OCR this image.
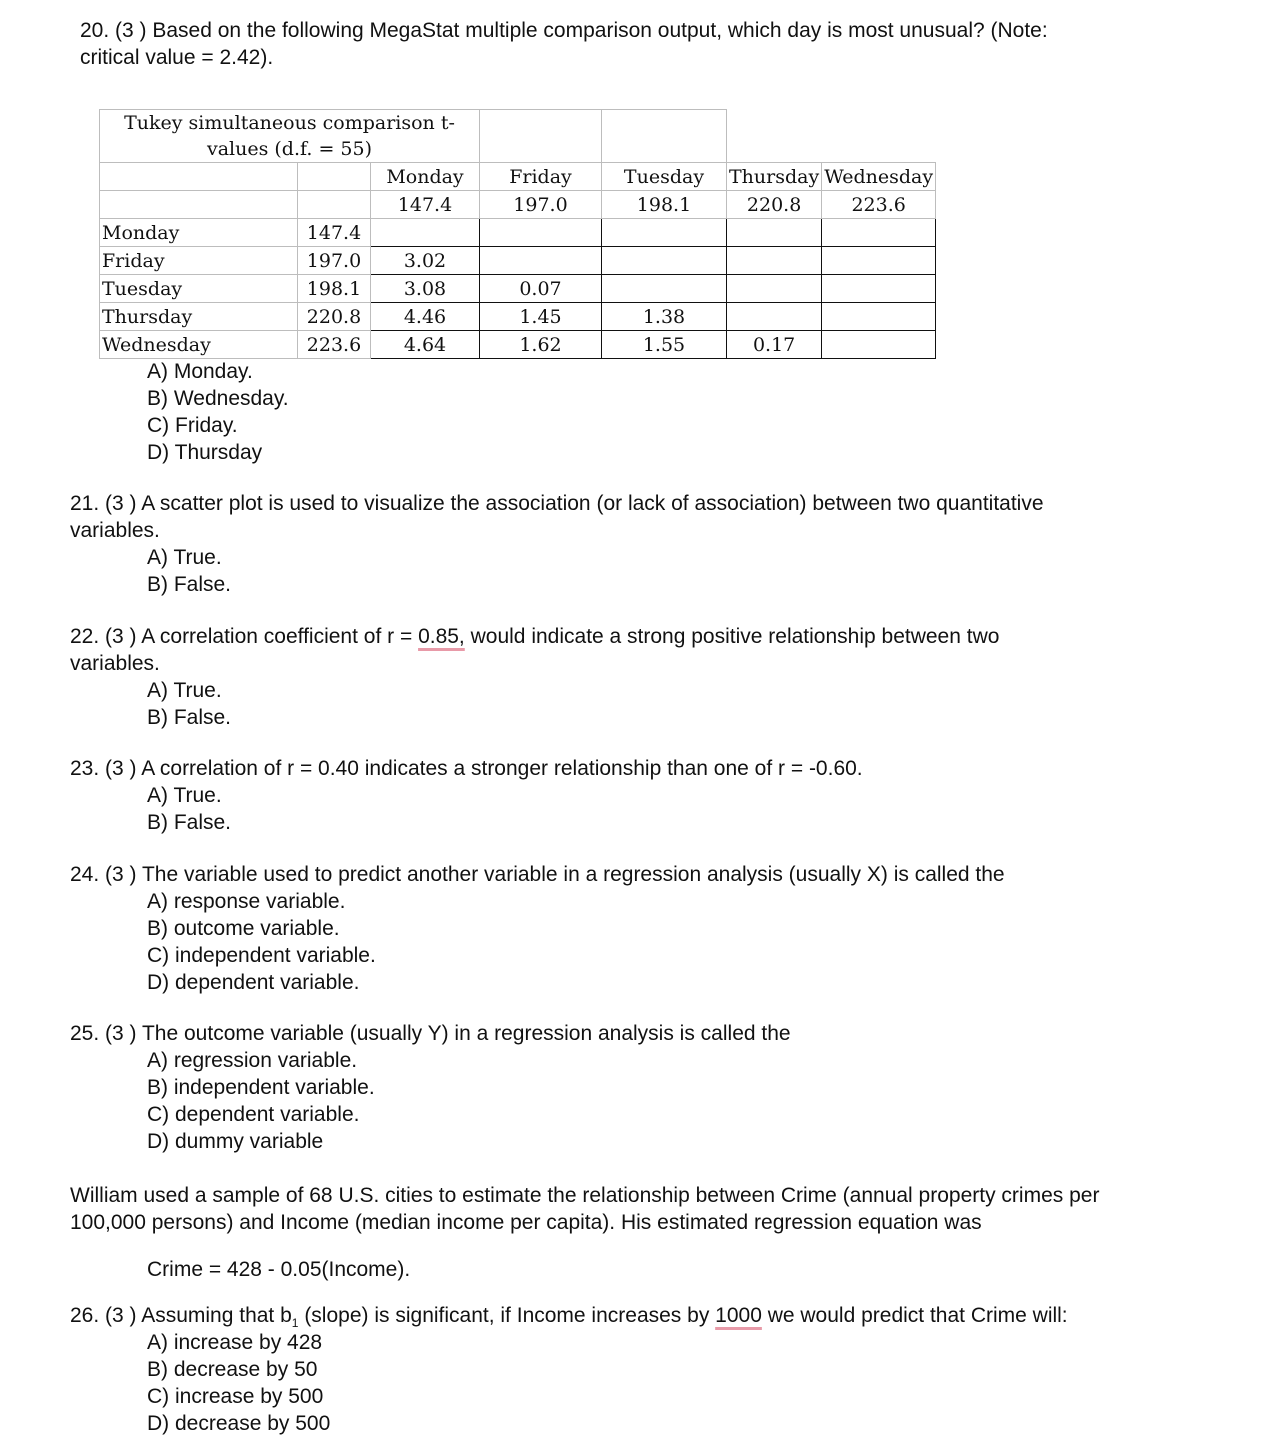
20. (3 ) Based on the following MegaStat multiple comparison output, which day is most unusual? (Note:
critical value = 2.42).
Tukey simultaneous comparison t-values (d.f. = 55)						
		Monday	Friday	Tuesday	Thursday	Wednesday
		147.4	197.0	198.1	220.8	223.6
Monday	147.4					
Friday	197.0	3.02				
Tuesday	198.1	3.08	0.07			
Thursday	220.8	4.46	1.45	1.38		
Wednesday	223.6	4.64	1.62	1.55	0.17	
A) Monday.
B) Wednesday.
C) Friday.
D) Thursday
21. (3 ) A scatter plot is used to visualize the association (or lack of association) between two quantitative
variables.
A) True.
B) False.
22. (3 ) A correlation coefficient of r = 0.85, would indicate a strong positive relationship between two
variables.
A) True.
B) False.
23. (3 ) A correlation of r = 0.40 indicates a stronger relationship than one of r = -0.60.
A) True.
B) False.
24. (3 ) The variable used to predict another variable in a regression analysis (usually X) is called the
A) response variable.
B) outcome variable.
C) independent variable.
D) dependent variable.
25. (3 ) The outcome variable (usually Y) in a regression analysis is called the
A) regression variable.
B) independent variable.
C) dependent variable.
D) dummy variable
William used a sample of 68 U.S. cities to estimate the relationship between Crime (annual property crimes per
100,000 persons) and Income (median income per capita). His estimated regression equation was
Crime = 428 - 0.05(Income).
26. (3 ) Assuming that $b_1$ (slope) is significant, if Income increases by 1000 we would predict that Crime will:
A) increase by 428
B) decrease by 50
C) increase by 500
D) decrease by 500
